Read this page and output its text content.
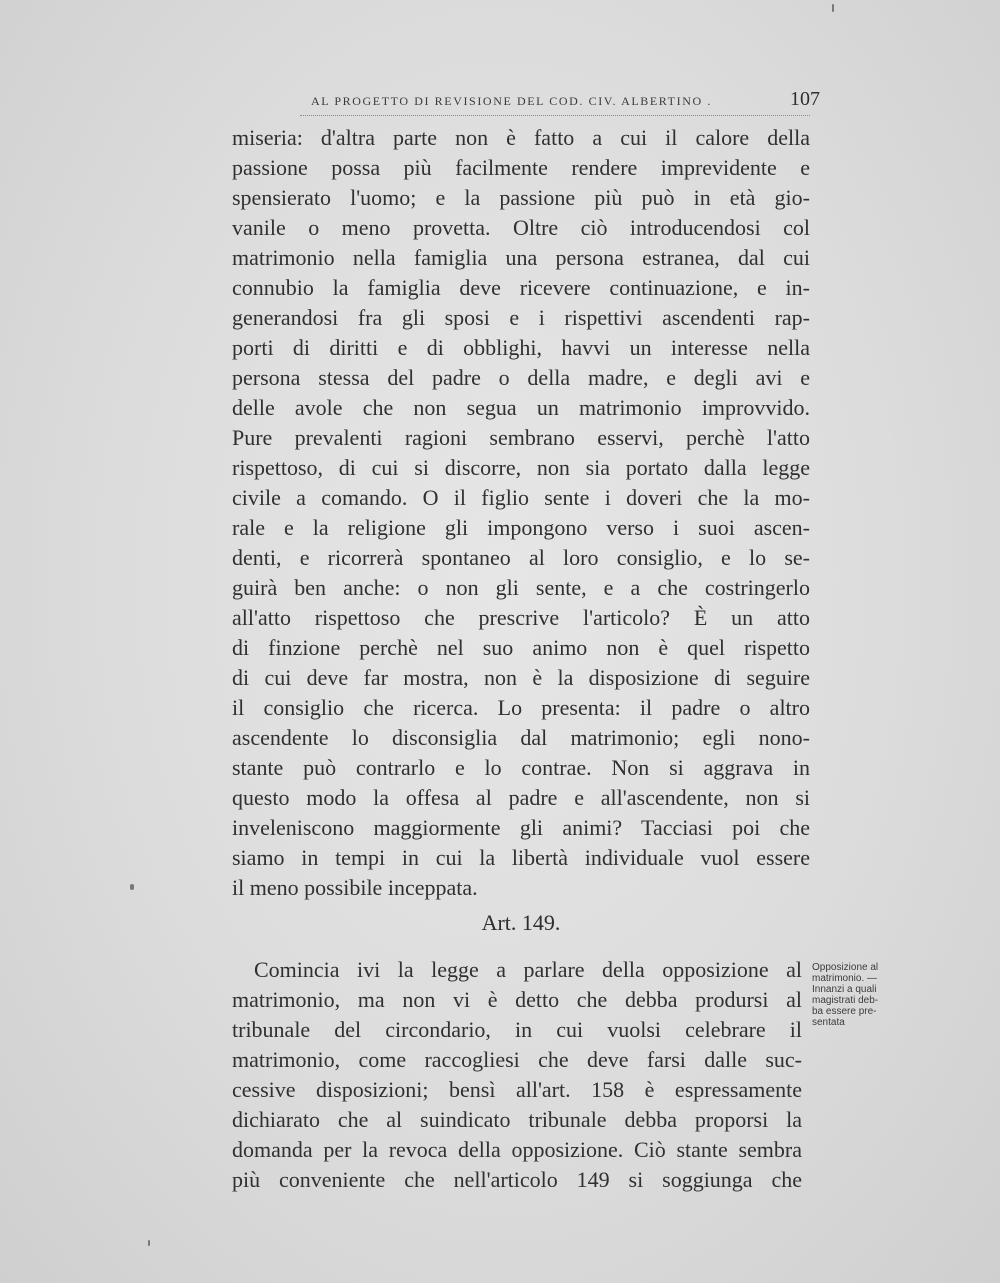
AL PROGETTO DI REVISIONE DEL COD. CIV. ALBERTINO .	107
miseria: d'altra parte non è fatto a cui il calore della
passione possa più facilmente rendere imprevidente e
spensierato l'uomo; e la passione più può in età gio-
vanile o meno provetta. Oltre ciò introducendosi col
matrimonio nella famiglia una persona estranea, dal cui
connubio la famiglia deve ricevere continuazione, e in-
generandosi fra gli sposi e i rispettivi ascendenti rap-
porti di diritti e di obblighi, havvi un interesse nella
persona stessa del padre o della madre, e degli avi e
delle avole che non segua un matrimonio improvvido.
Pure prevalenti ragioni sembrano esservi, perchè l'atto
rispettoso, di cui si discorre, non sia portato dalla legge
civile a comando. O il figlio sente i doveri che la mo-
rale e la religione gli impongono verso i suoi ascen-
denti, e ricorrerà spontaneo al loro consiglio, e lo se-
guirà ben anche: o non gli sente, e a che costringerlo
all'atto rispettoso che prescrive l'articolo? È un atto
di finzione perchè nel suo animo non è quel rispetto
di cui deve far mostra, non è la disposizione di seguire
il consiglio che ricerca. Lo presenta: il padre o altro
ascendente lo disconsiglia dal matrimonio; egli nono-
stante può contrarlo e lo contrae. Non si aggrava in
questo modo la offesa al padre e all'ascendente, non si
inveleniscono maggiormente gli animi? Tacciasi poi che
siamo in tempi in cui la libertà individuale vuol essere
il meno possibile inceppata.
Art. 149.
Comincia ivi la legge a parlare della opposizione al
matrimonio, ma non vi è detto che debba prodursi al
tribunale del circondario, in cui vuolsi celebrare il
matrimonio, come raccogliesi che deve farsi dalle suc-
cessive disposizioni; bensì all'art. 158 è espressamente
dichiarato che al suindicato tribunale debba proporsi la
domanda per la revoca della opposizione. Ciò stante sembra
più conveniente che nell'articolo 149 si soggiunga che
Opposizione al
matrimonio. —
Innanzi a quali
magistrati deb-
ba essere pre-
sentata
